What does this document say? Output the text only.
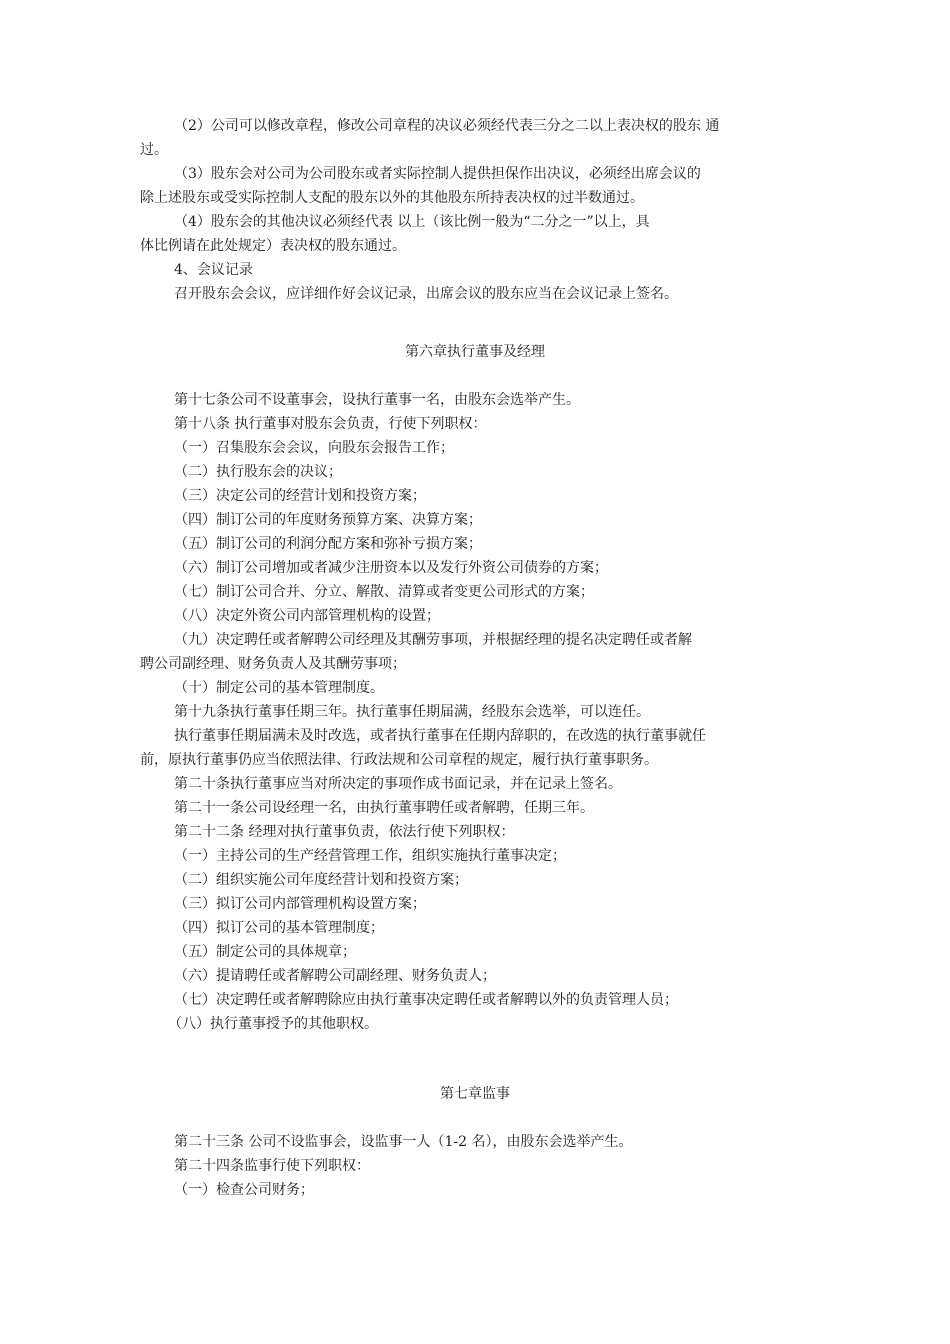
（2）公司可以修改章程，修改公司章程的决议必须经代表三分之二以上表决权的股东 通
过。
（3）股东会对公司为公司股东或者实际控制人提供担保作出决议，必须经出席会议的
除上述股东或受实际控制人支配的股东以外的其他股东所持表决权的过半数通过。
（4）股东会的其他决议必须经代表 以上（该比例一般为“二分之一”以上，具
体比例请在此处规定）表决权的股东通过。
4、会议记录
召开股东会会议，应详细作好会议记录，出席会议的股东应当在会议记录上签名。
第六章执行董事及经理
第十七条公司不设董事会，设执行董事一名，由股东会选举产生。
第十八条 执行董事对股东会负责，行使下列职权：
（一）召集股东会会议，向股东会报告工作；
（二）执行股东会的决议；
（三）决定公司的经营计划和投资方案；
（四）制订公司的年度财务预算方案、决算方案；
（五）制订公司的利润分配方案和弥补亏损方案；
（六）制订公司增加或者减少注册资本以及发行外资公司债券的方案；
（七）制订公司合并、分立、解散、清算或者变更公司形式的方案；
（八）决定外资公司内部管理机构的设置；
（九）决定聘任或者解聘公司经理及其酬劳事项，并根据经理的提名决定聘任或者解
聘公司副经理、财务负责人及其酬劳事项；
（十）制定公司的基本管理制度。
第十九条执行董事任期三年。执行董事任期届满，经股东会选举，可以连任。
执行董事任期届满未及时改选，或者执行董事在任期内辞职的，在改选的执行董事就任
前，原执行董事仍应当依照法律、行政法规和公司章程的规定，履行执行董事职务。
第二十条执行董事应当对所决定的事项作成书面记录，并在记录上签名。
第二十一条公司设经理一名，由执行董事聘任或者解聘，任期三年。
第二十二条 经理对执行董事负责，依法行使下列职权：
（一）主持公司的生产经营管理工作，组织实施执行董事决定；
（二）组织实施公司年度经营计划和投资方案；
（三）拟订公司内部管理机构设置方案；
（四）拟订公司的基本管理制度；
（五）制定公司的具体规章；
（六）提请聘任或者解聘公司副经理、财务负责人；
（七）决定聘任或者解聘除应由执行董事决定聘任或者解聘以外的负责管理人员；
（八）执行董事授予的其他职权。
第七章监事
第二十三条 公司不设监事会，设监事一人（1-2 名），由股东会选举产生。
第二十四条监事行使下列职权：
（一）检查公司财务；
